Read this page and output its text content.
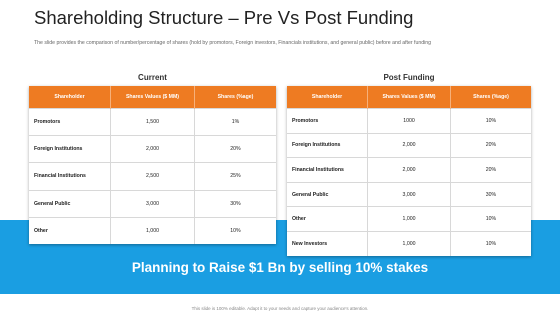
Shareholding Structure – Pre Vs Post Funding
The slide provides the comparison of number/percentage of shares (hold by promotors, Foreign investors, Financials institutions, and general public) before and after funding
Planning to Raise $1 Bn by selling 10% stakes
Current
Shareholder	Shares Values ($ MM)	Shares (%age)
Promotors	1,500	1%
Foreign Institutions	2,000	20%
Financial Institutions	2,500	25%
General Public	3,000	30%
Other	1,000	10%
Post Funding
Shareholder	Shares Values ($ MM)	Shares (%age)
Promotors	1000	10%
Foreign Institutions	2,000	20%
Financial Institutions	2,000	20%
General Public	3,000	30%
Other	1,000	10%
New Investors	1,000	10%
This slide is 100% editable. Adapt it to your needs and capture your audience's attention.
